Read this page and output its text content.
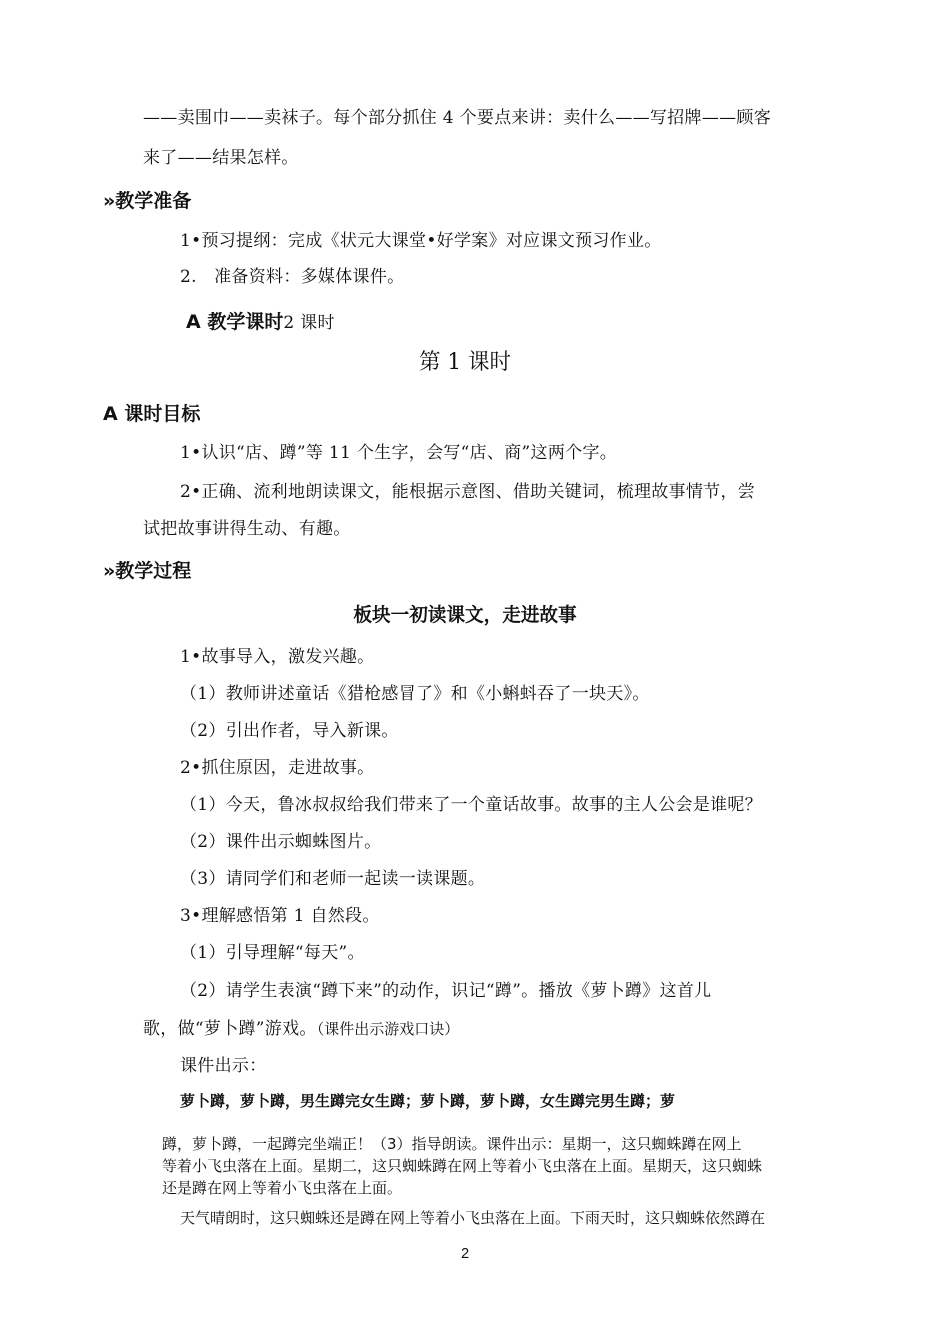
——卖围巾——卖袜子。每个部分抓住 4 个要点来讲：卖什么——写招牌——顾客
来了——结果怎样。
»教学准备
1•预习提纲：完成《状元大课堂•好学案》对应课文预习作业。
2.　准备资料：多媒体课件。
A 教学课时2 课时
第 1 课时
A 课时目标
1•认识“店、蹲”等 11 个生字，会写“店、商”这两个字。
2•正确、流利地朗读课文，能根据示意图、借助关键词，梳理故事情节，尝
试把故事讲得生动、有趣。
»教学过程
板块一初读课文，走进故事
1•故事导入，激发兴趣。
（1）教师讲述童话《猎枪感冒了》和《小蝌蚪吞了一块天》。
（2）引出作者，导入新课。
2•抓住原因，走进故事。
（1）今天，鲁冰叔叔给我们带来了一个童话故事。故事的主人公会是谁呢？
（2）课件出示蜘蛛图片。
（3）请同学们和老师一起读一读课题。
3•理解感悟第 1 自然段。
（1）引导理解“每天”。
（2）请学生表演“蹲下来”的动作，识记“蹲”。播放《萝卜蹲》这首儿
歌，做“萝卜蹲”游戏。（课件出示游戏口诀）
课件出示：
萝卜蹲，萝卜蹲，男生蹲完女生蹲；萝卜蹲，萝卜蹲，女生蹲完男生蹲；萝
蹲，萝卜蹲，一起蹲完坐端正！（3）指导朗读。课件出示：星期一，这只蜘蛛蹲在网上
等着小飞虫落在上面。星期二，这只蜘蛛蹲在网上等着小飞虫落在上面。星期天，这只蜘蛛
还是蹲在网上等着小飞虫落在上面。
天气晴朗时，这只蜘蛛还是蹲在网上等着小飞虫落在上面。下雨天时，这只蜘蛛依然蹲在
2
